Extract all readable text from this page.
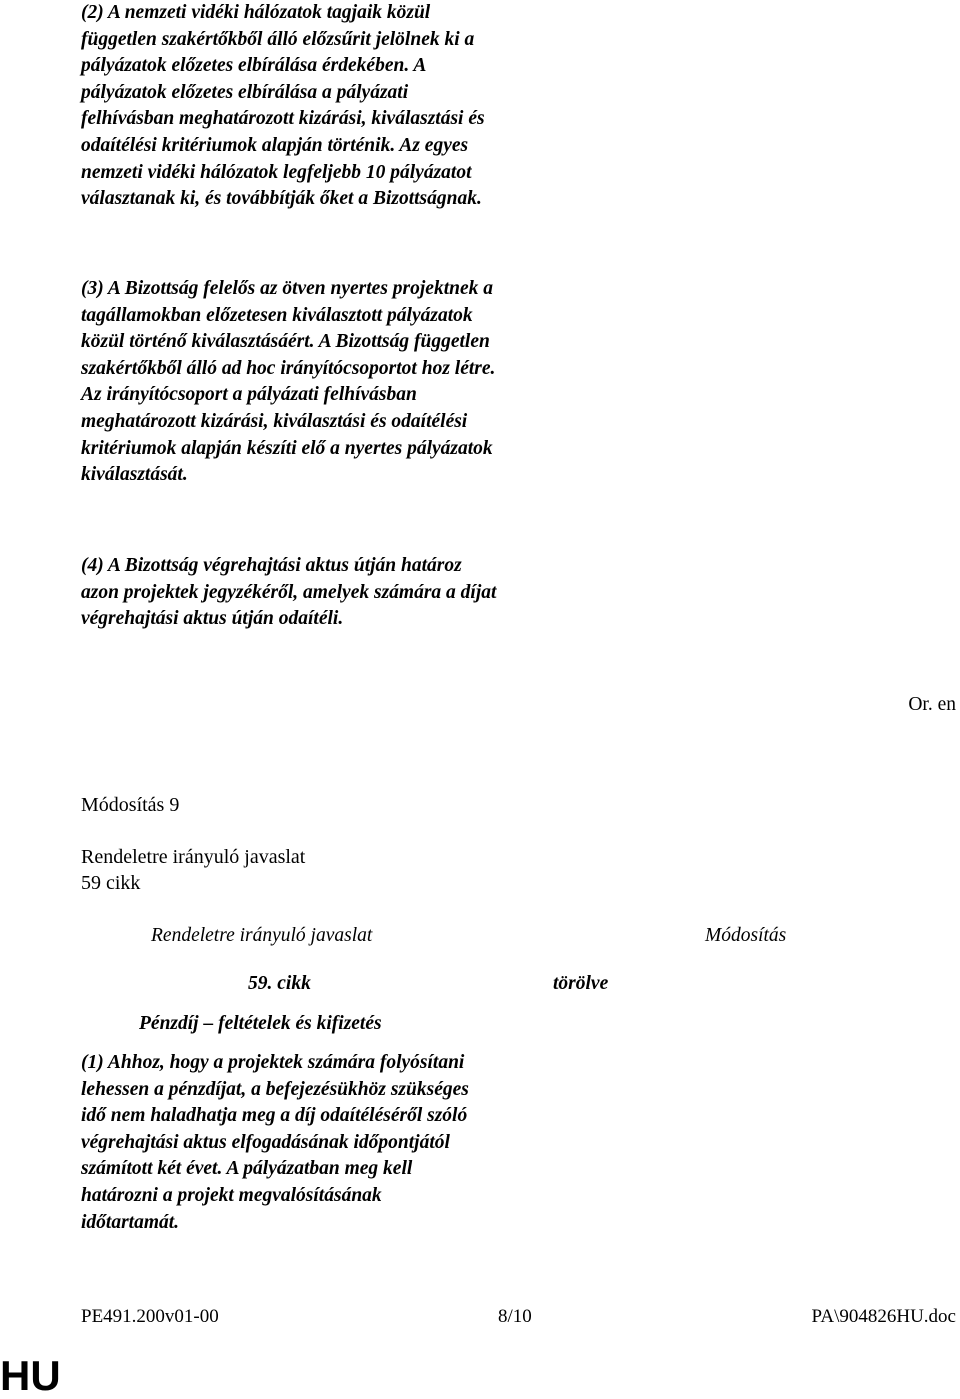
(2) A nemzeti vidéki hálózatok tagjaik közül független szakértőkből álló előzsűrit jelölnek ki a pályázatok előzetes elbírálása érdekében. A pályázatok előzetes elbírálása a pályázati felhívásban meghatározott kizárási, kiválasztási és odaítélési kritériumok alapján történik. Az egyes nemzeti vidéki hálózatok legfeljebb 10 pályázatot választanak ki, és továbbítják őket a Bizottságnak.

(3) A Bizottság felelős az ötven nyertes projektnek a tagállamokban előzetesen kiválasztott pályázatok közül történő kiválasztásáért. A Bizottság független szakértőkből álló ad hoc irányítócsoportot hoz létre. Az irányítócsoport a pályázati felhívásban meghatározott kizárási, kiválasztási és odaítélési kritériumok alapján készíti elő a nyertes pályázatok kiválasztását.

(4) A Bizottság végrehajtási aktus útján határoz azon projektek jegyzékéről, amelyek számára a díjat végrehajtási aktus útján odaítéli.

Or. en
Módosítás 9
Rendeletre irányuló javaslat
59 cikk
Rendeletre irányuló javaslat	Módosítás
59. cikk	törölve
Pénzdíj – feltételek és kifizetés

(1) Ahhoz, hogy a projektek számára folyósítani lehessen a pénzdíjat, a befejezésükhöz szükséges idő nem haladhatja meg a díj odaítéléséről szóló végrehajtási aktus elfogadásának időpontjától számított két évet. A pályázatban meg kell határozni a projekt megvalósításának időtartamát.

PE491.200v01-00	8/10	PA\904826HU.doc
HU
